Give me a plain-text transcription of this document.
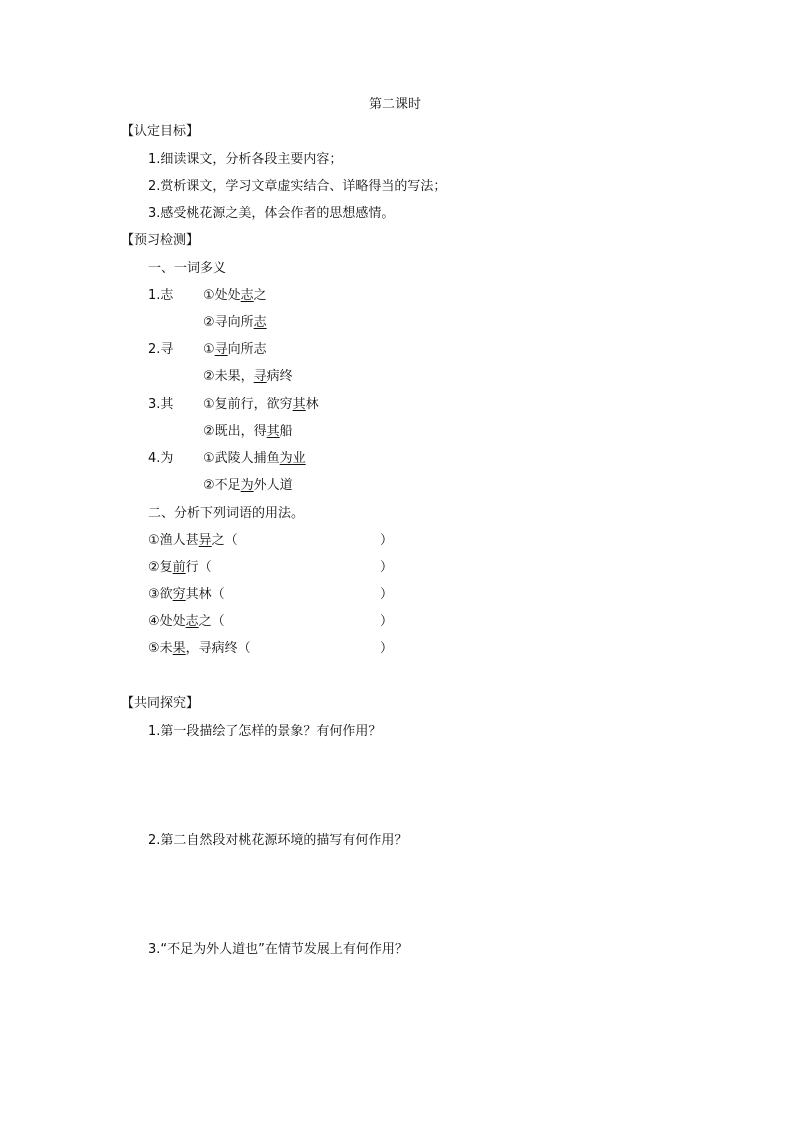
第二课时
【认定目标】
1.细读课文，分析各段主要内容；
2.赏析课文，学习文章虚实结合、详略得当的写法；
3.感受桃花源之美，体会作者的思想感情。
【预习检测】
一、一词多义
1.志	①处处志之
②寻向所志
2.寻	①寻向所志
②未果，寻病终
3.其	①复前行，欲穷其林
②既出，得其船
4.为	①武陵人捕鱼为业
②不足为外人道
二、分析下列词语的用法。
①渔人甚异之（	）
②复前行（	）
③欲穷其林（	）
④处处志之（	）
⑤未果，寻病终（	）
【共同探究】
1.第一段描绘了怎样的景象？有何作用？
2.第二自然段对桃花源环境的描写有何作用？
3.“不足为外人道也”在情节发展上有何作用？
